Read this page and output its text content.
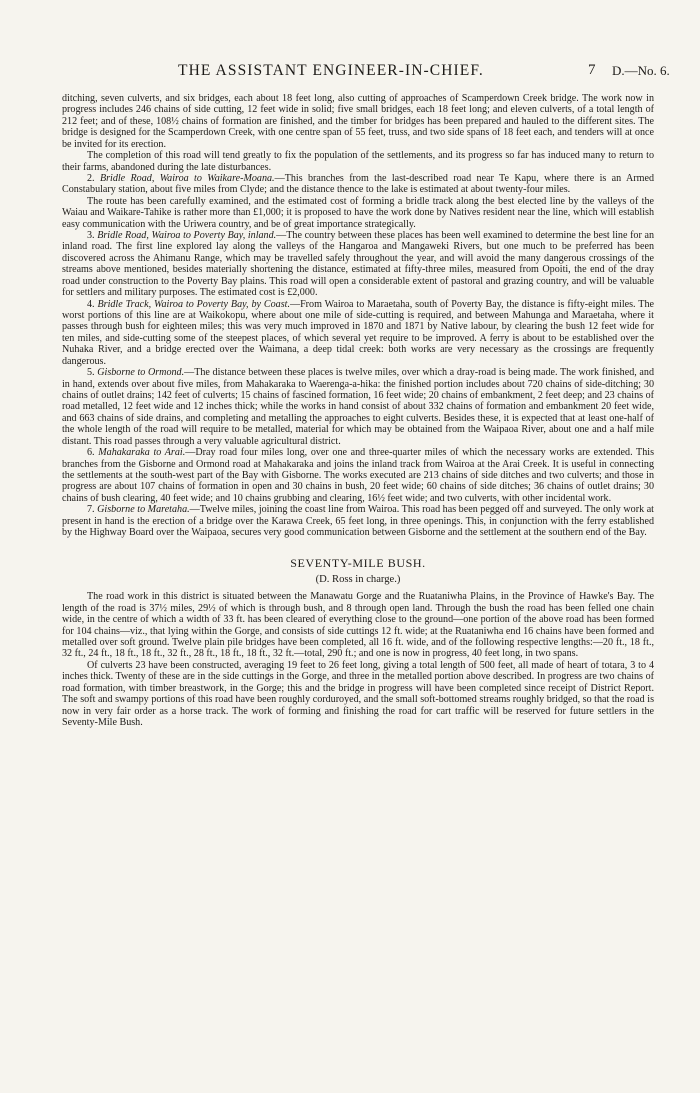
THE ASSISTANT ENGINEER-IN-CHIEF.	7 D.—No. 6.

ditching, seven culverts, and six bridges, each about 18 feet long, also cutting of approaches of Scamperdown Creek bridge. The work now in progress includes 246 chains of side cutting, 12 feet wide in solid; five small bridges, each 18 feet long; and eleven culverts, of a total length of 212 feet; and of these, 108½ chains of formation are finished, and the timber for bridges has been prepared and hauled to the different sites. The bridge is designed for the Scamperdown Creek, with one centre span of 55 feet, truss, and two side spans of 18 feet each, and tenders will at once be invited for its erection.

The completion of this road will tend greatly to fix the population of the settlements, and its progress so far has induced many to return to their farms, abandoned during the late disturbances.

2. Bridle Road, Wairoa to Waikare-Moana.—This branches from the last-described road near Te Kapu, where there is an Armed Constabulary station, about five miles from Clyde; and the distance thence to the lake is estimated at about twenty-four miles.

The route has been carefully examined, and the estimated cost of forming a bridle track along the best elected line by the valleys of the Waiau and Waikare-Tahike is rather more than £1,000; it is proposed to have the work done by Natives resident near the line, which will establish easy communication with the Uriwera country, and be of great importance strategically.

3. Bridle Road, Wairoa to Poverty Bay, inland.—The country between these places has been well examined to determine the best line for an inland road. The first line explored lay along the valleys of the Hangaroa and Mangaweki Rivers, but one much to be preferred has been discovered across the Ahimanu Range, which may be travelled safely throughout the year, and will avoid the many dangerous crossings of the streams above mentioned, besides materially shortening the distance, estimated at fifty-three miles, measured from Opoiti, the end of the dray road under construction to the Poverty Bay plains. This road will open a considerable extent of pastoral and grazing country, and will be valuable for settlers and military purposes. The estimated cost is £2,000.

4. Bridle Track, Wairoa to Poverty Bay, by Coast.—From Wairoa to Maraetaha, south of Poverty Bay, the distance is fifty-eight miles. The worst portions of this line are at Waikokopu, where about one mile of side-cutting is required, and between Mahunga and Maraetaha, where it passes through bush for eighteen miles; this was very much improved in 1870 and 1871 by Native labour, by clearing the bush 12 feet wide for ten miles, and side-cutting some of the steepest places, of which several yet require to be improved. A ferry is about to be established over the Nuhaka River, and a bridge erected over the Waimana, a deep tidal creek: both works are very necessary as the crossings are frequently dangerous.

5. Gisborne to Ormond.—The distance between these places is twelve miles, over which a dray-road is being made. The work finished, and in hand, extends over about five miles, from Mahakaraka to Waerenga-a-hika: the finished portion includes about 720 chains of side-ditching; 30 chains of outlet drains; 142 feet of culverts; 15 chains of fascined formation, 16 feet wide; 20 chains of embankment, 2 feet deep; and 23 chains of road metalled, 12 feet wide and 12 inches thick; while the works in hand consist of about 332 chains of formation and embankment 20 feet wide, and 663 chains of side drains, and completing and metalling the approaches to eight culverts. Besides these, it is expected that at least one-half of the whole length of the road will require to be metalled, material for which may be obtained from the Waipaoa River, about one and a half mile distant. This road passes through a very valuable agricultural district.

6. Mahakaraka to Arai.—Dray road four miles long, over one and three-quarter miles of which the necessary works are extended. This branches from the Gisborne and Ormond road at Mahakaraka and joins the inland track from Wairoa at the Arai Creek. It is useful in connecting the settlements at the south-west part of the Bay with Gisborne. The works executed are 213 chains of side ditches and two culverts; and those in progress are about 107 chains of formation in open and 30 chains in bush, 20 feet wide; 60 chains of side ditches; 36 chains of outlet drains; 30 chains of bush clearing, 40 feet wide; and 10 chains grubbing and clearing, 16½ feet wide; and two culverts, with other incidental work.

7. Gisborne to Maretaha.—Twelve miles, joining the coast line from Wairoa. This road has been pegged off and surveyed. The only work at present in hand is the erection of a bridge over the Karawa Creek, 65 feet long, in three openings. This, in conjunction with the ferry established by the Highway Board over the Waipaoa, secures very good communication between Gisborne and the settlement at the southern end of the Bay.

SEVENTY-MILE BUSH.
(D. Ross in charge.)

The road work in this district is situated between the Manawatu Gorge and the Ruataniwha Plains, in the Province of Hawke's Bay. The length of the road is 37½ miles, 29½ of which is through bush, and 8 through open land. Through the bush the road has been felled one chain wide, in the centre of which a width of 33 ft. has been cleared of everything close to the ground—one portion of the above road has been formed for 104 chains—viz., that lying within the Gorge, and consists of side cuttings 12 ft. wide; at the Ruataniwha end 16 chains have been formed and metalled over soft ground. Twelve plain pile bridges have been completed, all 16 ft. wide, and of the following respective lengths:—20 ft., 18 ft., 32 ft., 24 ft., 18 ft., 18 ft., 32 ft., 28 ft., 18 ft., 18 ft., 32 ft.—total, 290 ft.; and one is now in progress, 40 feet long, in two spans.

Of culverts 23 have been constructed, averaging 19 feet to 26 feet long, giving a total length of 500 feet, all made of heart of totara, 3 to 4 inches thick. Twenty of these are in the side cuttings in the Gorge, and three in the metalled portion above described. In progress are two chains of road formation, with timber breastwork, in the Gorge; this and the bridge in progress will have been completed since receipt of District Report. The soft and swampy portions of this road have been roughly corduroyed, and the small soft-bottomed streams roughly bridged, so that the road is now in very fair order as a horse track. The work of forming and finishing the road for cart traffic will be reserved for future settlers in the Seventy-Mile Bush.
